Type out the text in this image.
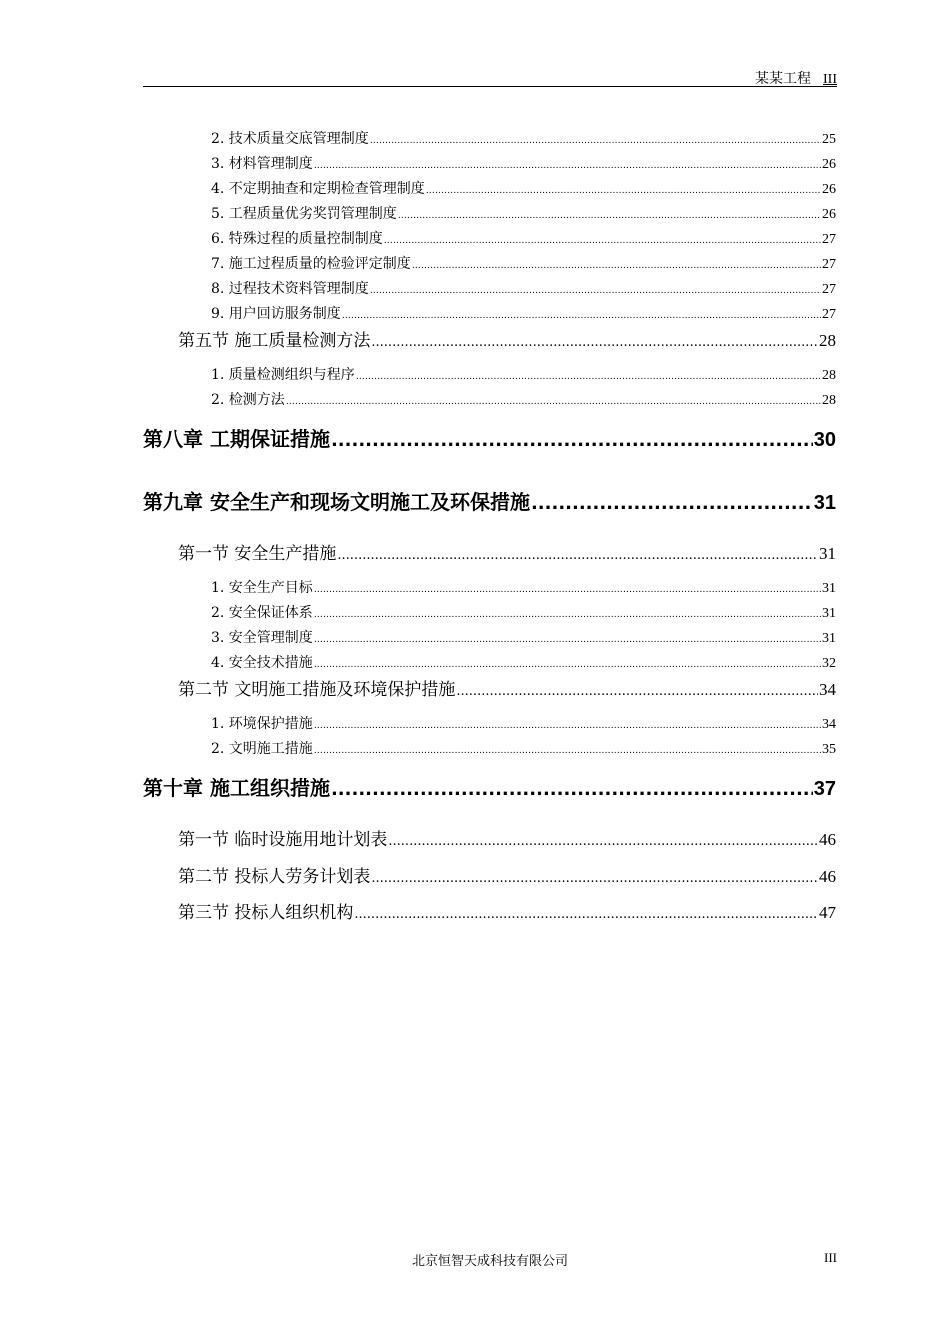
某某工程 III
2. 技术质量交底管理制度 .....	25
3. 材料管理制度 .....	26
4. 不定期抽查和定期检查管理制度 .....	26
5. 工程质量优劣奖罚管理制度 .....	26
6. 特殊过程的质量控制制度 .....	27
7. 施工过程质量的检验评定制度 .....	27
8. 过程技术资料管理制度 .....	27
9. 用户回访服务制度 .....	27
第五节 施工质量检测方法 .....	28
1. 质量检测组织与程序 .....	28
2. 检测方法 .....	28
第八章 工期保证措施 .....	30
第九章 安全生产和现场文明施工及环保措施 .....	31
第一节 安全生产措施 .....	31
1. 安全生产目标 .....	31
2. 安全保证体系 .....	31
3. 安全管理制度 .....	31
4. 安全技术措施 .....	32
第二节 文明施工措施及环境保护措施 .....	34
1. 环境保护措施 .....	34
2. 文明施工措施 .....	35
第十章 施工组织措施 .....	37
第一节 临时设施用地计划表 .....	46
第二节 投标人劳务计划表 .....	46
第三节 投标人组织机构 .....	47
北京恒智天成科技有限公司	III
